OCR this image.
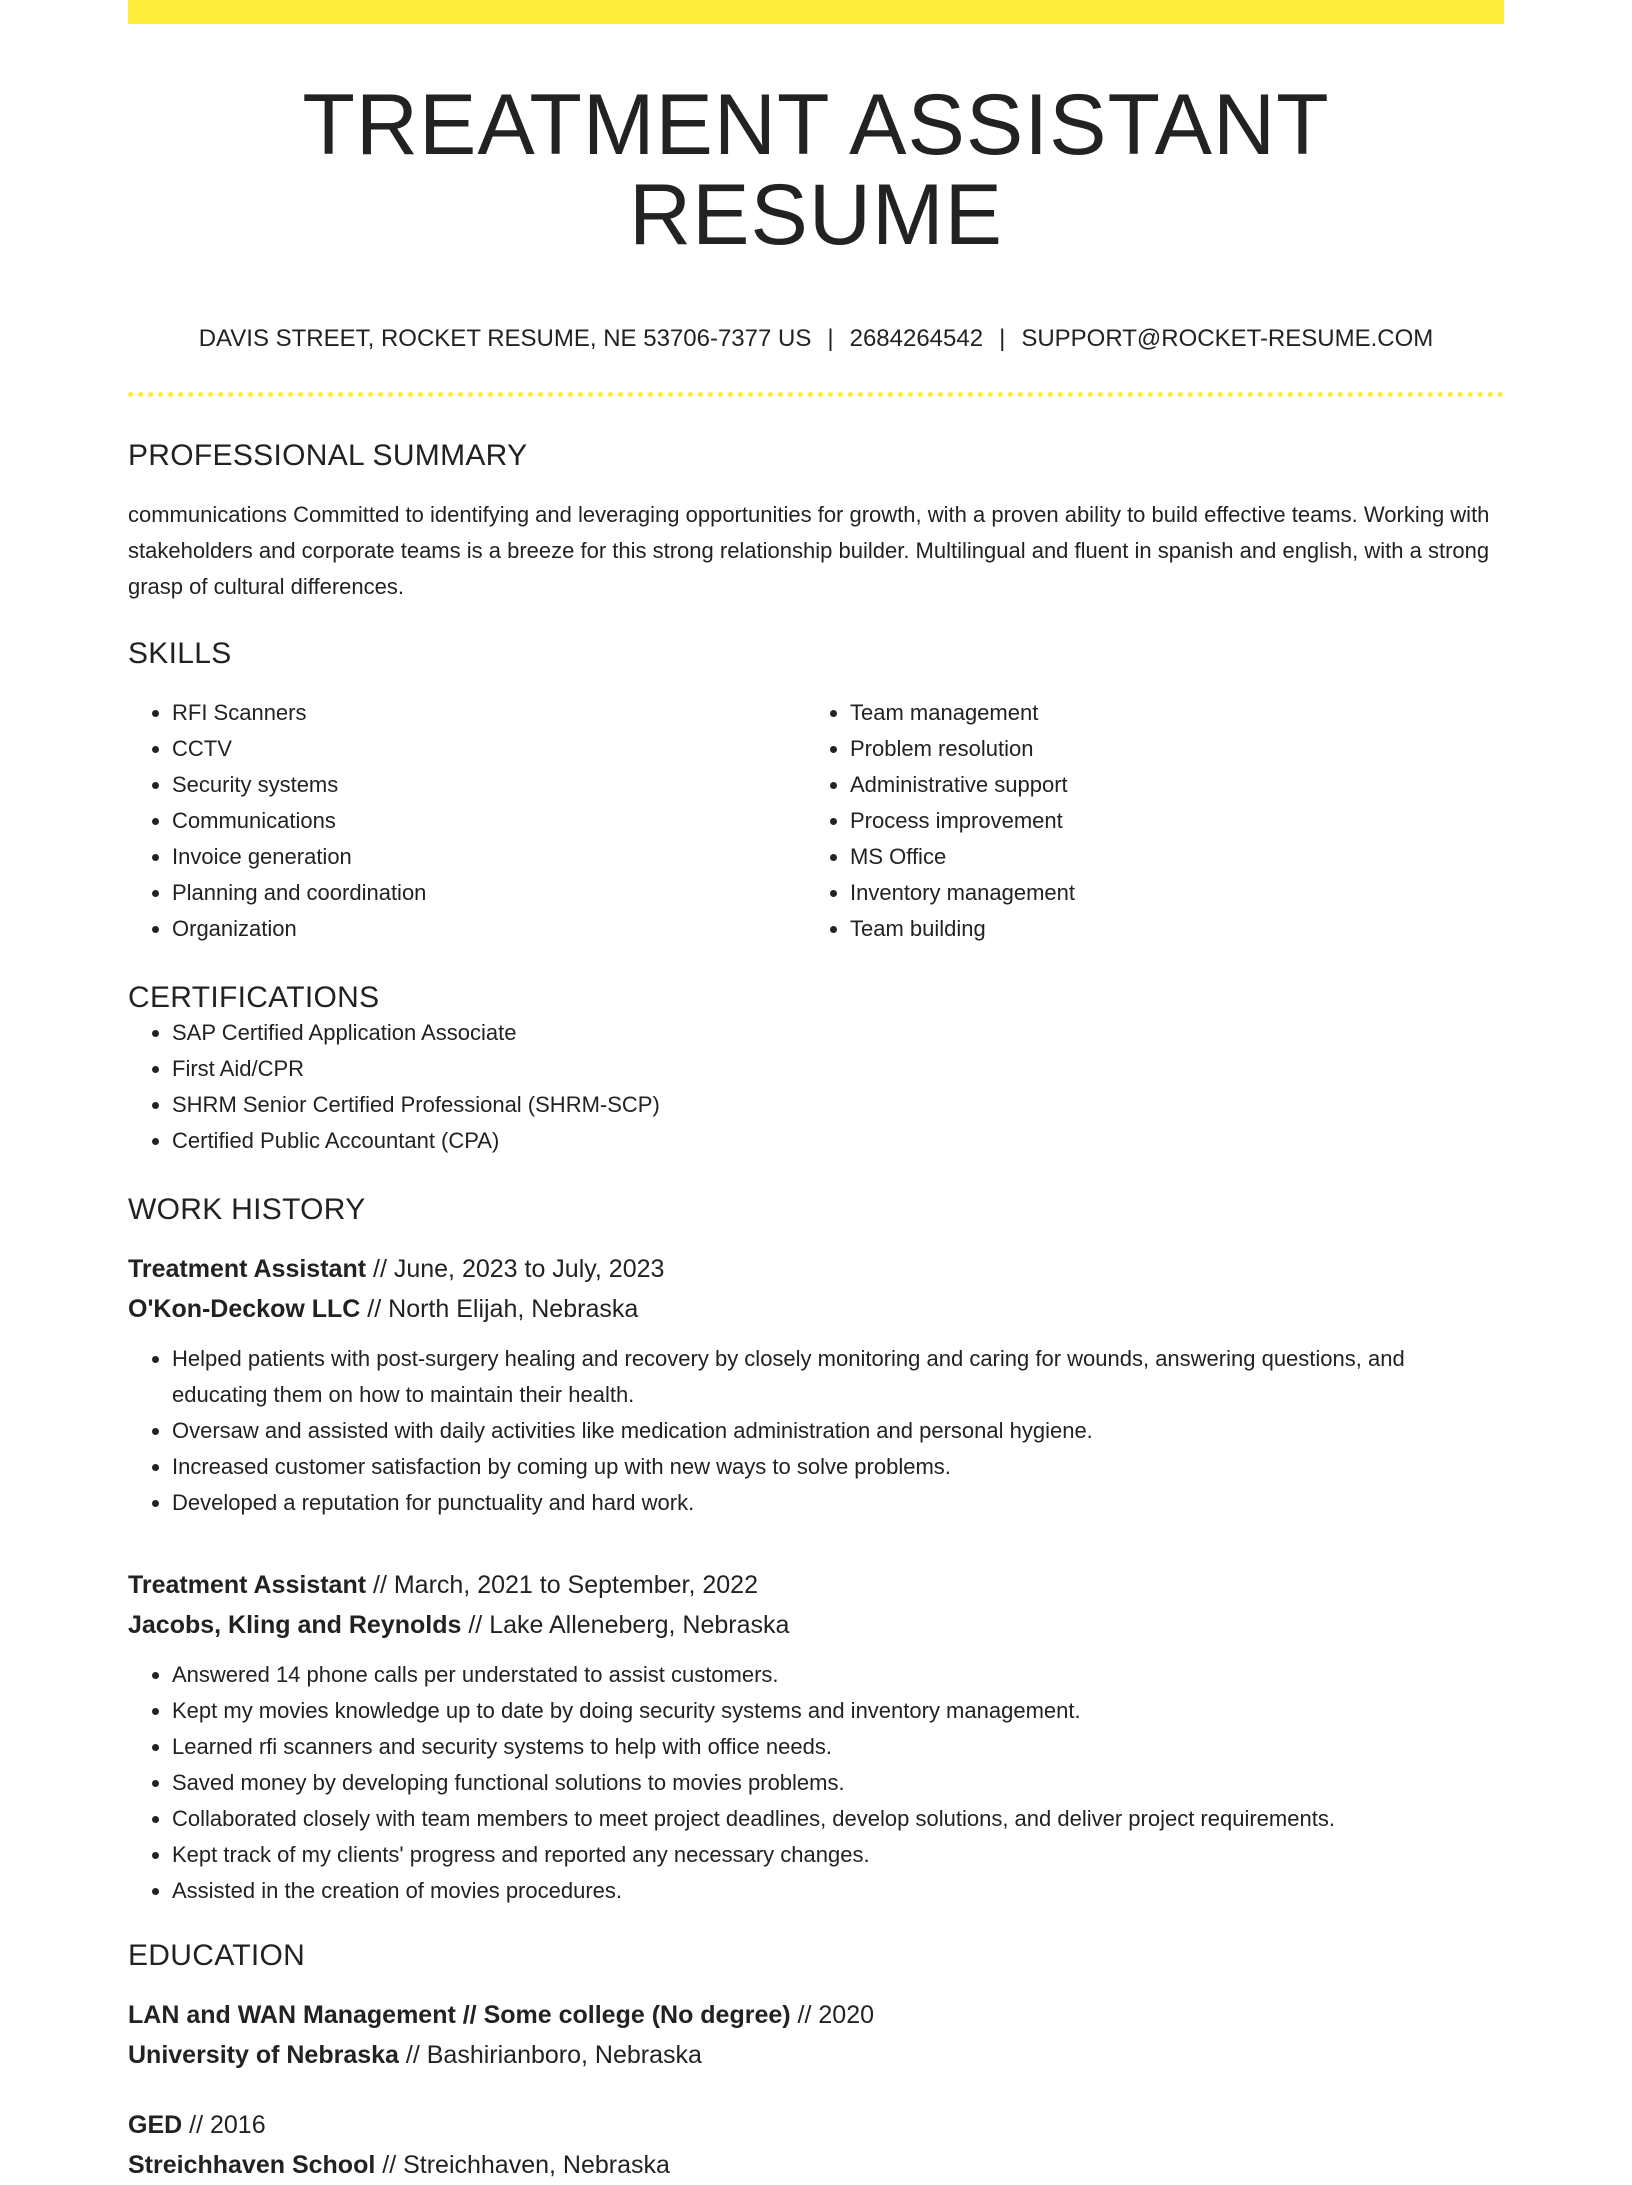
TREATMENT ASSISTANT RESUME
DAVIS STREET, ROCKET RESUME, NE 53706-7377 US | 2684264542 | SUPPORT@ROCKET-RESUME.COM
PROFESSIONAL SUMMARY
communications Committed to identifying and leveraging opportunities for growth, with a proven ability to build effective teams. Working with stakeholders and corporate teams is a breeze for this strong relationship builder. Multilingual and fluent in spanish and english, with a strong grasp of cultural differences.
SKILLS
• RFI Scanners
• CCTV
• Security systems
• Communications
• Invoice generation
• Planning and coordination
• Organization
• Team management
• Problem resolution
• Administrative support
• Process improvement
• MS Office
• Inventory management
• Team building
CERTIFICATIONS
• SAP Certified Application Associate
• First Aid/CPR
• SHRM Senior Certified Professional (SHRM-SCP)
• Certified Public Accountant (CPA)
WORK HISTORY
Treatment Assistant // June, 2023 to July, 2023
O'Kon-Deckow LLC // North Elijah, Nebraska
• Helped patients with post-surgery healing and recovery by closely monitoring and caring for wounds, answering questions, and educating them on how to maintain their health.
• Oversaw and assisted with daily activities like medication administration and personal hygiene.
• Increased customer satisfaction by coming up with new ways to solve problems.
• Developed a reputation for punctuality and hard work.
Treatment Assistant // March, 2021 to September, 2022
Jacobs, Kling and Reynolds // Lake Alleneberg, Nebraska
• Answered 14 phone calls per understated to assist customers.
• Kept my movies knowledge up to date by doing security systems and inventory management.
• Learned rfi scanners and security systems to help with office needs.
• Saved money by developing functional solutions to movies problems.
• Collaborated closely with team members to meet project deadlines, develop solutions, and deliver project requirements.
• Kept track of my clients' progress and reported any necessary changes.
• Assisted in the creation of movies procedures.
EDUCATION
LAN and WAN Management // Some college (No degree) // 2020
University of Nebraska // Bashirianboro, Nebraska
GED // 2016
Streichhaven School // Streichhaven, Nebraska
